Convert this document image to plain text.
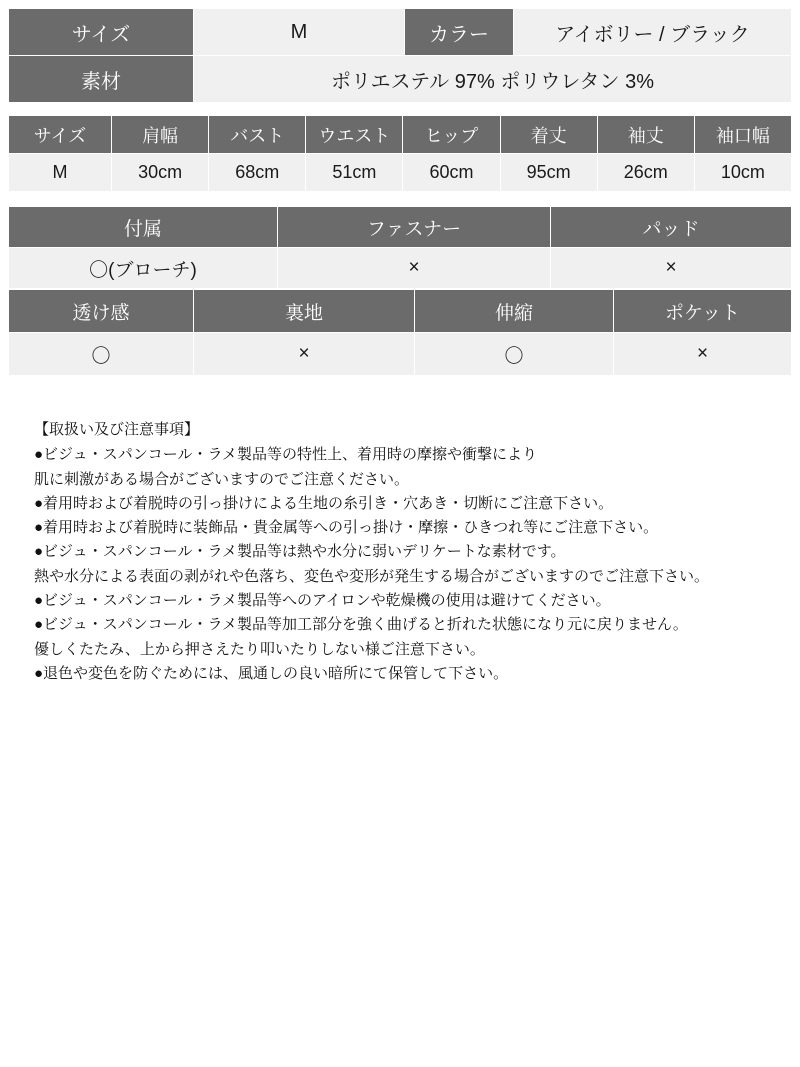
サイズ	M	カラー	アイボリー / ブラック
素材	ポリエステル 97% ポリウレタン 3%		
サイズ	肩幅	バスト	ウエスト	ヒップ	着丈	袖丈	袖口幅
M	30cm	68cm	51cm	60cm	95cm	26cm	10cm
付属	ファスナー	パッド
〇(ブローチ)	×	×
透け感	裏地	伸縮	ポケット
〇	×	〇	×
【取扱い及び注意事項】
●ビジュ・スパンコール・ラメ製品等の特性上、着用時の摩擦や衝撃により
肌に刺激がある場合がございますのでご注意ください。
●着用時および着脱時の引っ掛けによる生地の糸引き・穴あき・切断にご注意下さい。
●着用時および着脱時に装飾品・貴金属等への引っ掛け・摩擦・ひきつれ等にご注意下さい。
●ビジュ・スパンコール・ラメ製品等は熱や水分に弱いデリケートな素材です。
熱や水分による表面の剥がれや色落ち、変色や変形が発生する場合がございますのでご注意下さい。
●ビジュ・スパンコール・ラメ製品等へのアイロンや乾燥機の使用は避けてください。
●ビジュ・スパンコール・ラメ製品等加工部分を強く曲げると折れた状態になり元に戻りません。
優しくたたみ、上から押さえたり叩いたりしない様ご注意下さい。
●退色や変色を防ぐためには、風通しの良い暗所にて保管して下さい。
